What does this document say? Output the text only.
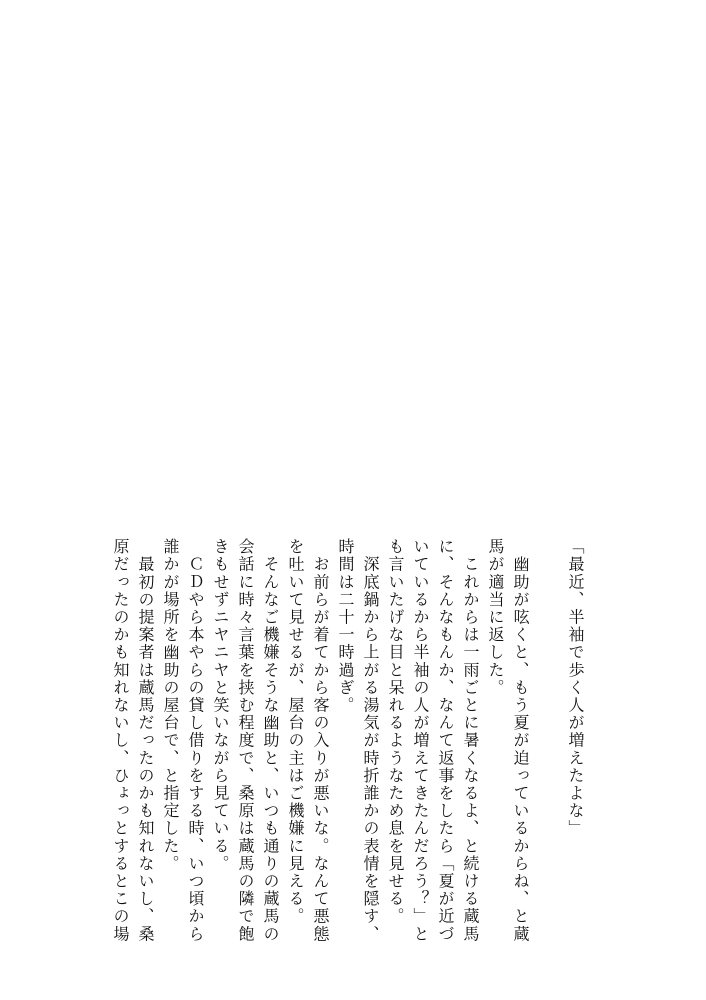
「最近、半袖で歩く人が増えたよな」

　幽助が呟くと、もう夏が迫っているからね、と蔵

馬が適当に返した。

　これからは一雨ごとに暑くなるよ、と続ける蔵馬

に、そんなもんか、なんて返事をしたら「夏が近づ

いているから半袖の人が増えてきたんだろう？」と

も言いたげな目と呆れるようなため息を見せる。

　深底鍋から上がる湯気が時折誰かの表情を隠す、

時間は二十一時過ぎ。

　お前らが着てから客の入りが悪いな。なんて悪態

を吐いて見せるが、屋台の主はご機嫌に見える。

　そんなご機嫌そうな幽助と、いつも通りの蔵馬の

会話に時々言葉を挟む程度で、桑原は蔵馬の隣で飽

きもせずニヤニヤと笑いながら見ている。

　ＣＤやら本やらの貸し借りをする時、いつ頃から

誰かが場所を幽助の屋台で、と指定した。

　最初の提案者は蔵馬だったのかも知れないし、桑

原だったのかも知れないし、ひょっとするとこの場
